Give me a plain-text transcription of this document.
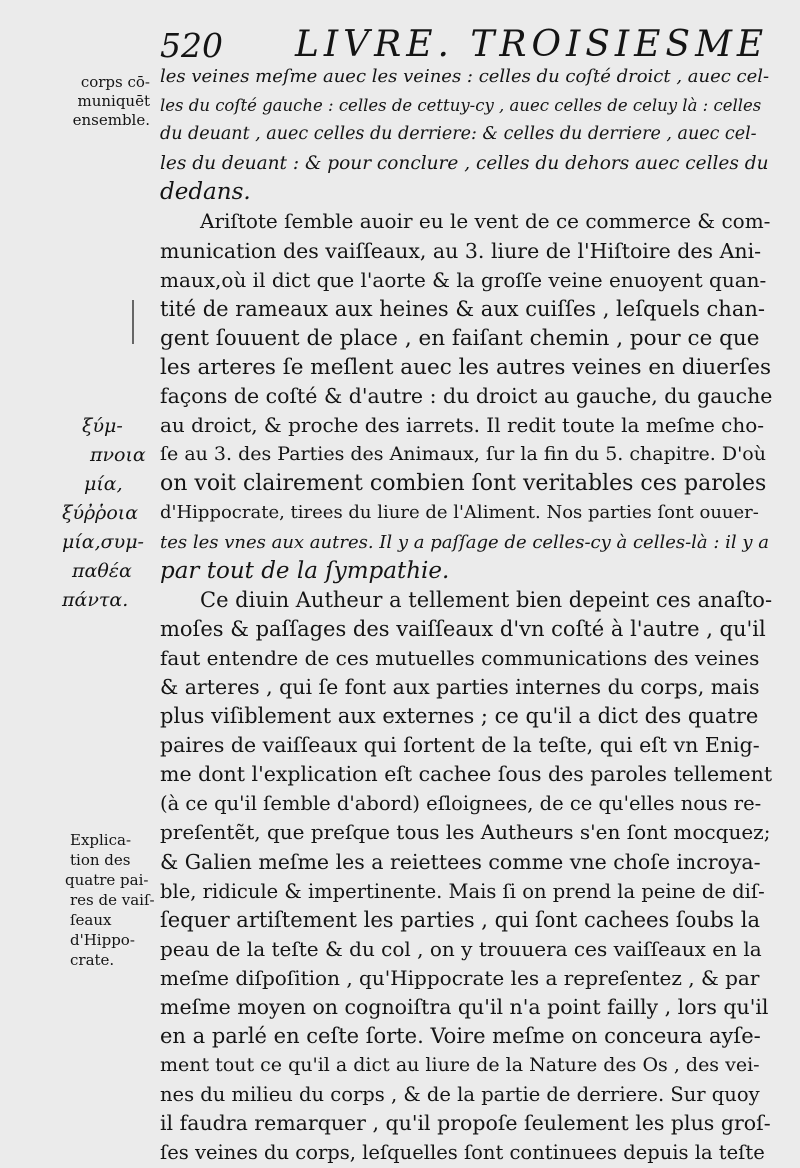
520 LIVRE. TROISIESME
corps cō-
muniquēt
ensemble.
ξύμ-
πνοια
μία,
ξύῤῥοια
μία,συμ-
παθέα
πάντα.
Explica-
tion des
quatre pai-
res de vaiſ-
ſeaux
d'Hippo-
crate.
les veines meſme auec les veines : celles du coſté droict , auec cel-
les du coſté gauche : celles de cettuy-cy , auec celles de celuy là : celles
du deuant , auec celles du derriere: & celles du derriere , auec cel-
les du deuant : & pour conclure , celles du dehors auec celles du
dedans.
Ariſtote ſemble auoir eu le vent de ce commerce & com-
munication des vaiſſeaux, au 3. liure de l'Hiſtoire des Ani-
maux,où il dict que l'aorte & la groſſe veine enuoyent quan-
tité de rameaux aux heines & aux cuiſſes , leſquels chan-
gent ſouuent de place , en faiſant chemin , pour ce que
les arteres ſe meſlent auec les autres veines en diuerſes
façons de coſté & d'autre : du droict au gauche, du gauche
au droict, & proche des iarrets. Il redit toute la meſme cho-
ſe au 3. des Parties des Animaux, ſur la fin du 5. chapitre. D'où
on voit clairement combien ſont veritables ces paroles
d'Hippocrate, tirees du liure de l'Aliment. Nos parties ſont ouuer-
tes les vnes aux autres. Il y a paſſage de celles-cy à celles-là : il y a
par tout de la ſympathie.
Ce diuin Autheur a tellement bien depeint ces anaſto-
moſes & paſſages des vaiſſeaux d'vn coſté à l'autre , qu'il
faut entendre de ces mutuelles communications des veines
& arteres , qui ſe font aux parties internes du corps, mais
plus viſiblement aux externes ; ce qu'il a dict des quatre
paires de vaiſſeaux qui ſortent de la teſte, qui eſt vn Enig-
me dont l'explication eſt cachee ſous des paroles tellement
(à ce qu'il ſemble d'abord) eſloignees, de ce qu'elles nous re-
preſentẽt, que preſque tous les Autheurs s'en ſont mocquez;
& Galien meſme les a reiettees comme vne choſe incroya-
ble, ridicule & impertinente. Mais ſi on prend la peine de diſ-
ſequer artiſtement les parties , qui ſont cachees ſoubs la
peau de la teſte & du col , on y trouuera ces vaiſſeaux en la
meſme diſpoſition , qu'Hippocrate les a repreſentez , & par
meſme moyen on cognoiſtra qu'il n'a point failly , lors qu'il
en a parlé en ceſte ſorte. Voire meſme on conceura ayſe-
ment tout ce qu'il a dict au liure de la Nature des Os , des vei-
nes du milieu du corps , & de la partie de derriere. Sur quoy
il faudra remarquer , qu'il propoſe ſeulement les plus groſ-
ſes veines du corps, leſquelles ſont continuees depuis la teſte
